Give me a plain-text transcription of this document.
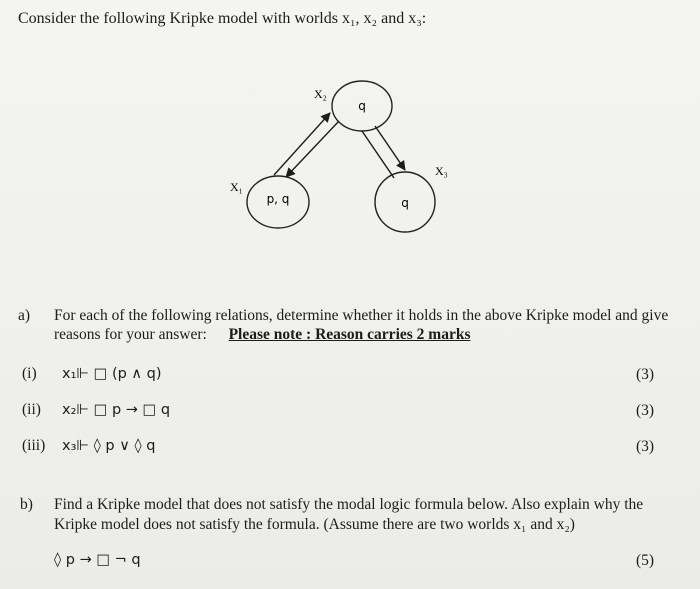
Consider the following Kripke model with worlds x₁, x₂ and x₃:
X₂
X₁
X₃
q
p, q	q
a) For each of the following relations, determine whether it holds in the above Kripke model and give
reasons for your answer: Please note : Reason carries 2 marks
(i) x₁⊩ □ (p ∧ q)	(3)
(ii) x₂⊩ □ p → □ q	(3)
(iii) x₃⊩ ◊ p ∨ ◊ q	(3)
b) Find a Kripke model that does not satisfy the modal logic formula below. Also explain why the
Kripke model does not satisfy the formula. (Assume there are two worlds x₁ and x₂)
◊ p → □ ¬ q	(5)
